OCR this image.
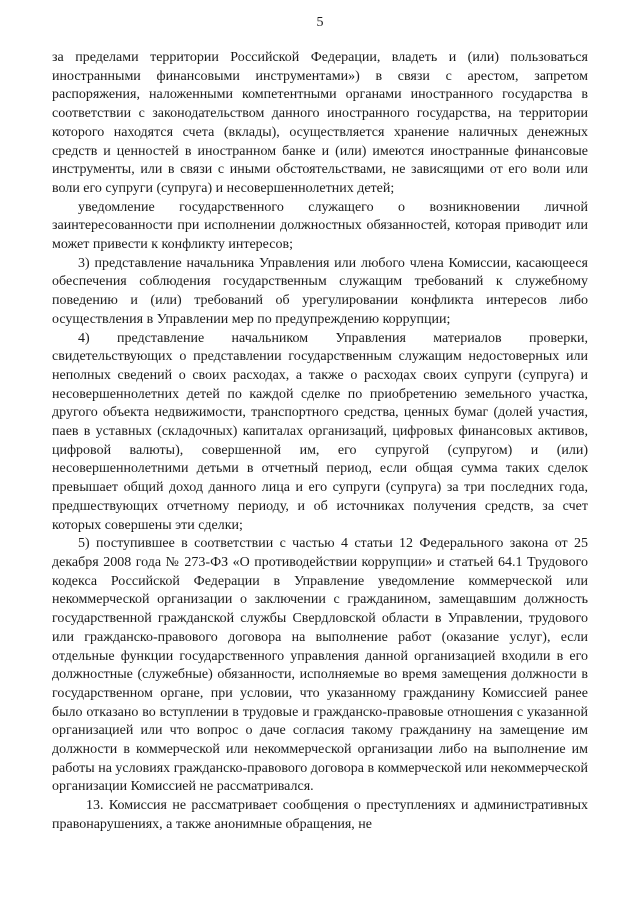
5

за пределами территории Российской Федерации, владеть и (или) пользоваться иностранными финансовыми инструментами») в связи с арестом, запретом распоряжения, наложенными компетентными органами иностранного государства в соответствии с законодательством данного иностранного государства, на территории которого находятся счета (вклады), осуществляется хранение наличных денежных средств и ценностей в иностранном банке и (или) имеются иностранные финансовые инструменты, или в связи с иными обстоятельствами, не зависящими от его воли или воли его супруги (супруга) и несовершеннолетних детей;

уведомление государственного служащего о возникновении личной заинтересованности при исполнении должностных обязанностей, которая приводит или может привести к конфликту интересов;

3) представление начальника Управления или любого члена Комиссии, касающееся обеспечения соблюдения государственным служащим требований к служебному поведению и (или) требований об урегулировании конфликта интересов либо осуществления в Управлении мер по предупреждению коррупции;

4) представление начальником Управления материалов проверки, свидетельствующих о представлении государственным служащим недостоверных или неполных сведений о своих расходах, а также о расходах своих супруги (супруга) и несовершеннолетних детей по каждой сделке по приобретению земельного участка, другого объекта недвижимости, транспортного средства, ценных бумаг (долей участия, паев в уставных (складочных) капиталах организаций, цифровых финансовых активов, цифровой валюты), совершенной им, его супругой (супругом) и (или) несовершеннолетними детьми в отчетный период, если общая сумма таких сделок превышает общий доход данного лица и его супруги (супруга) за три последних года, предшествующих отчетному периоду, и об источниках получения средств, за счет которых совершены эти сделки;

5) поступившее в соответствии с частью 4 статьи 12 Федерального закона от 25 декабря 2008 года № 273-ФЗ «О противодействии коррупции» и статьей 64.1 Трудового кодекса Российской Федерации в Управление уведомление коммерческой или некоммерческой организации о заключении с гражданином, замещавшим должность государственной гражданской службы Свердловской области в Управлении, трудового или гражданско-правового договора на выполнение работ (оказание услуг), если отдельные функции государственного управления данной организацией входили в его должностные (служебные) обязанности, исполняемые во время замещения должности в государственном органе, при условии, что указанному гражданину Комиссией ранее было отказано во вступлении в трудовые и гражданско-правовые отношения с указанной организацией или что вопрос о даче согласия такому гражданину на замещение им должности в коммерческой или некоммерческой организации либо на выполнение им работы на условиях гражданско-правового договора в коммерческой или некоммерческой организации Комиссией не рассматривался.

13. Комиссия не рассматривает сообщения о преступлениях и административных правонарушениях, а также анонимные обращения, не
